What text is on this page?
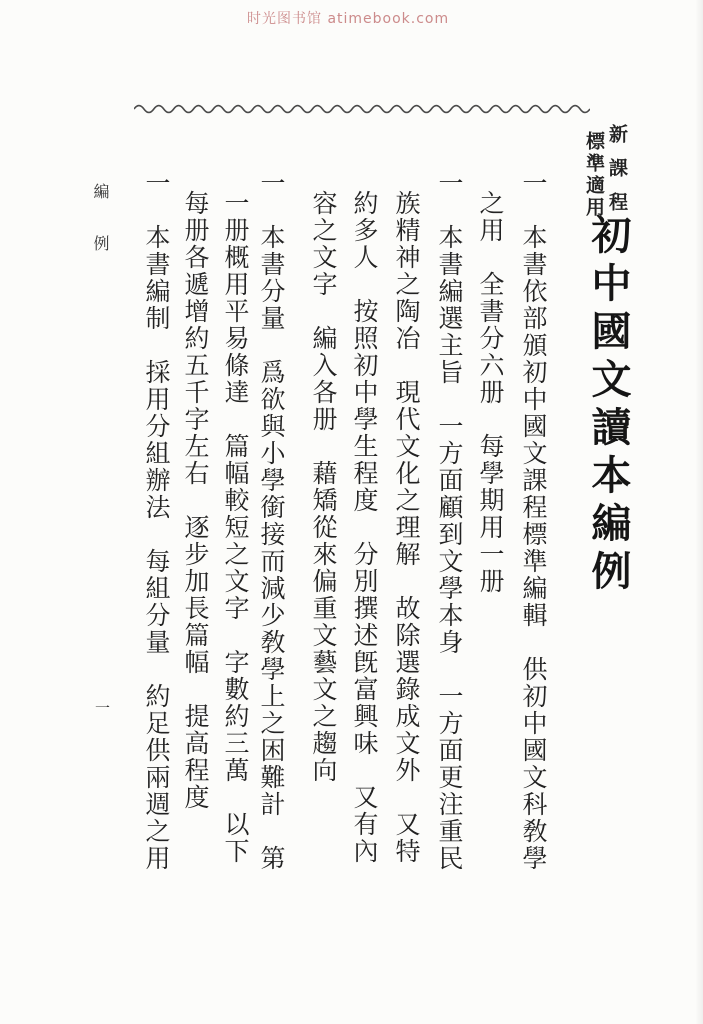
时光图书馆 atimebook.com
新課程
標準適用
初中國文讀本編例
一　本書依部頒初中國文課程標準編輯　供初中國文科敎學
之用　全書分六册　每學期用一册
一　本書編選主旨　一方面顧到文學本身　一方面更注重民
族精神之陶冶　現代文化之理解　故除選錄成文外　又特
約多人　按照初中學生程度　分別撰述旣富興味　又有內
容之文字　編入各册　藉矯從來偏重文藝文之趨向
一　本書分量　爲欲與小學銜接而減少敎學上之困難計　第
一册概用平易條達　篇幅較短之文字　字數約三萬　以下
每册各遞增約五千字左右　逐步加長篇幅　提高程度
一　本書編制　採用分組辦法　每組分量　約足供兩週之用
編例
一
